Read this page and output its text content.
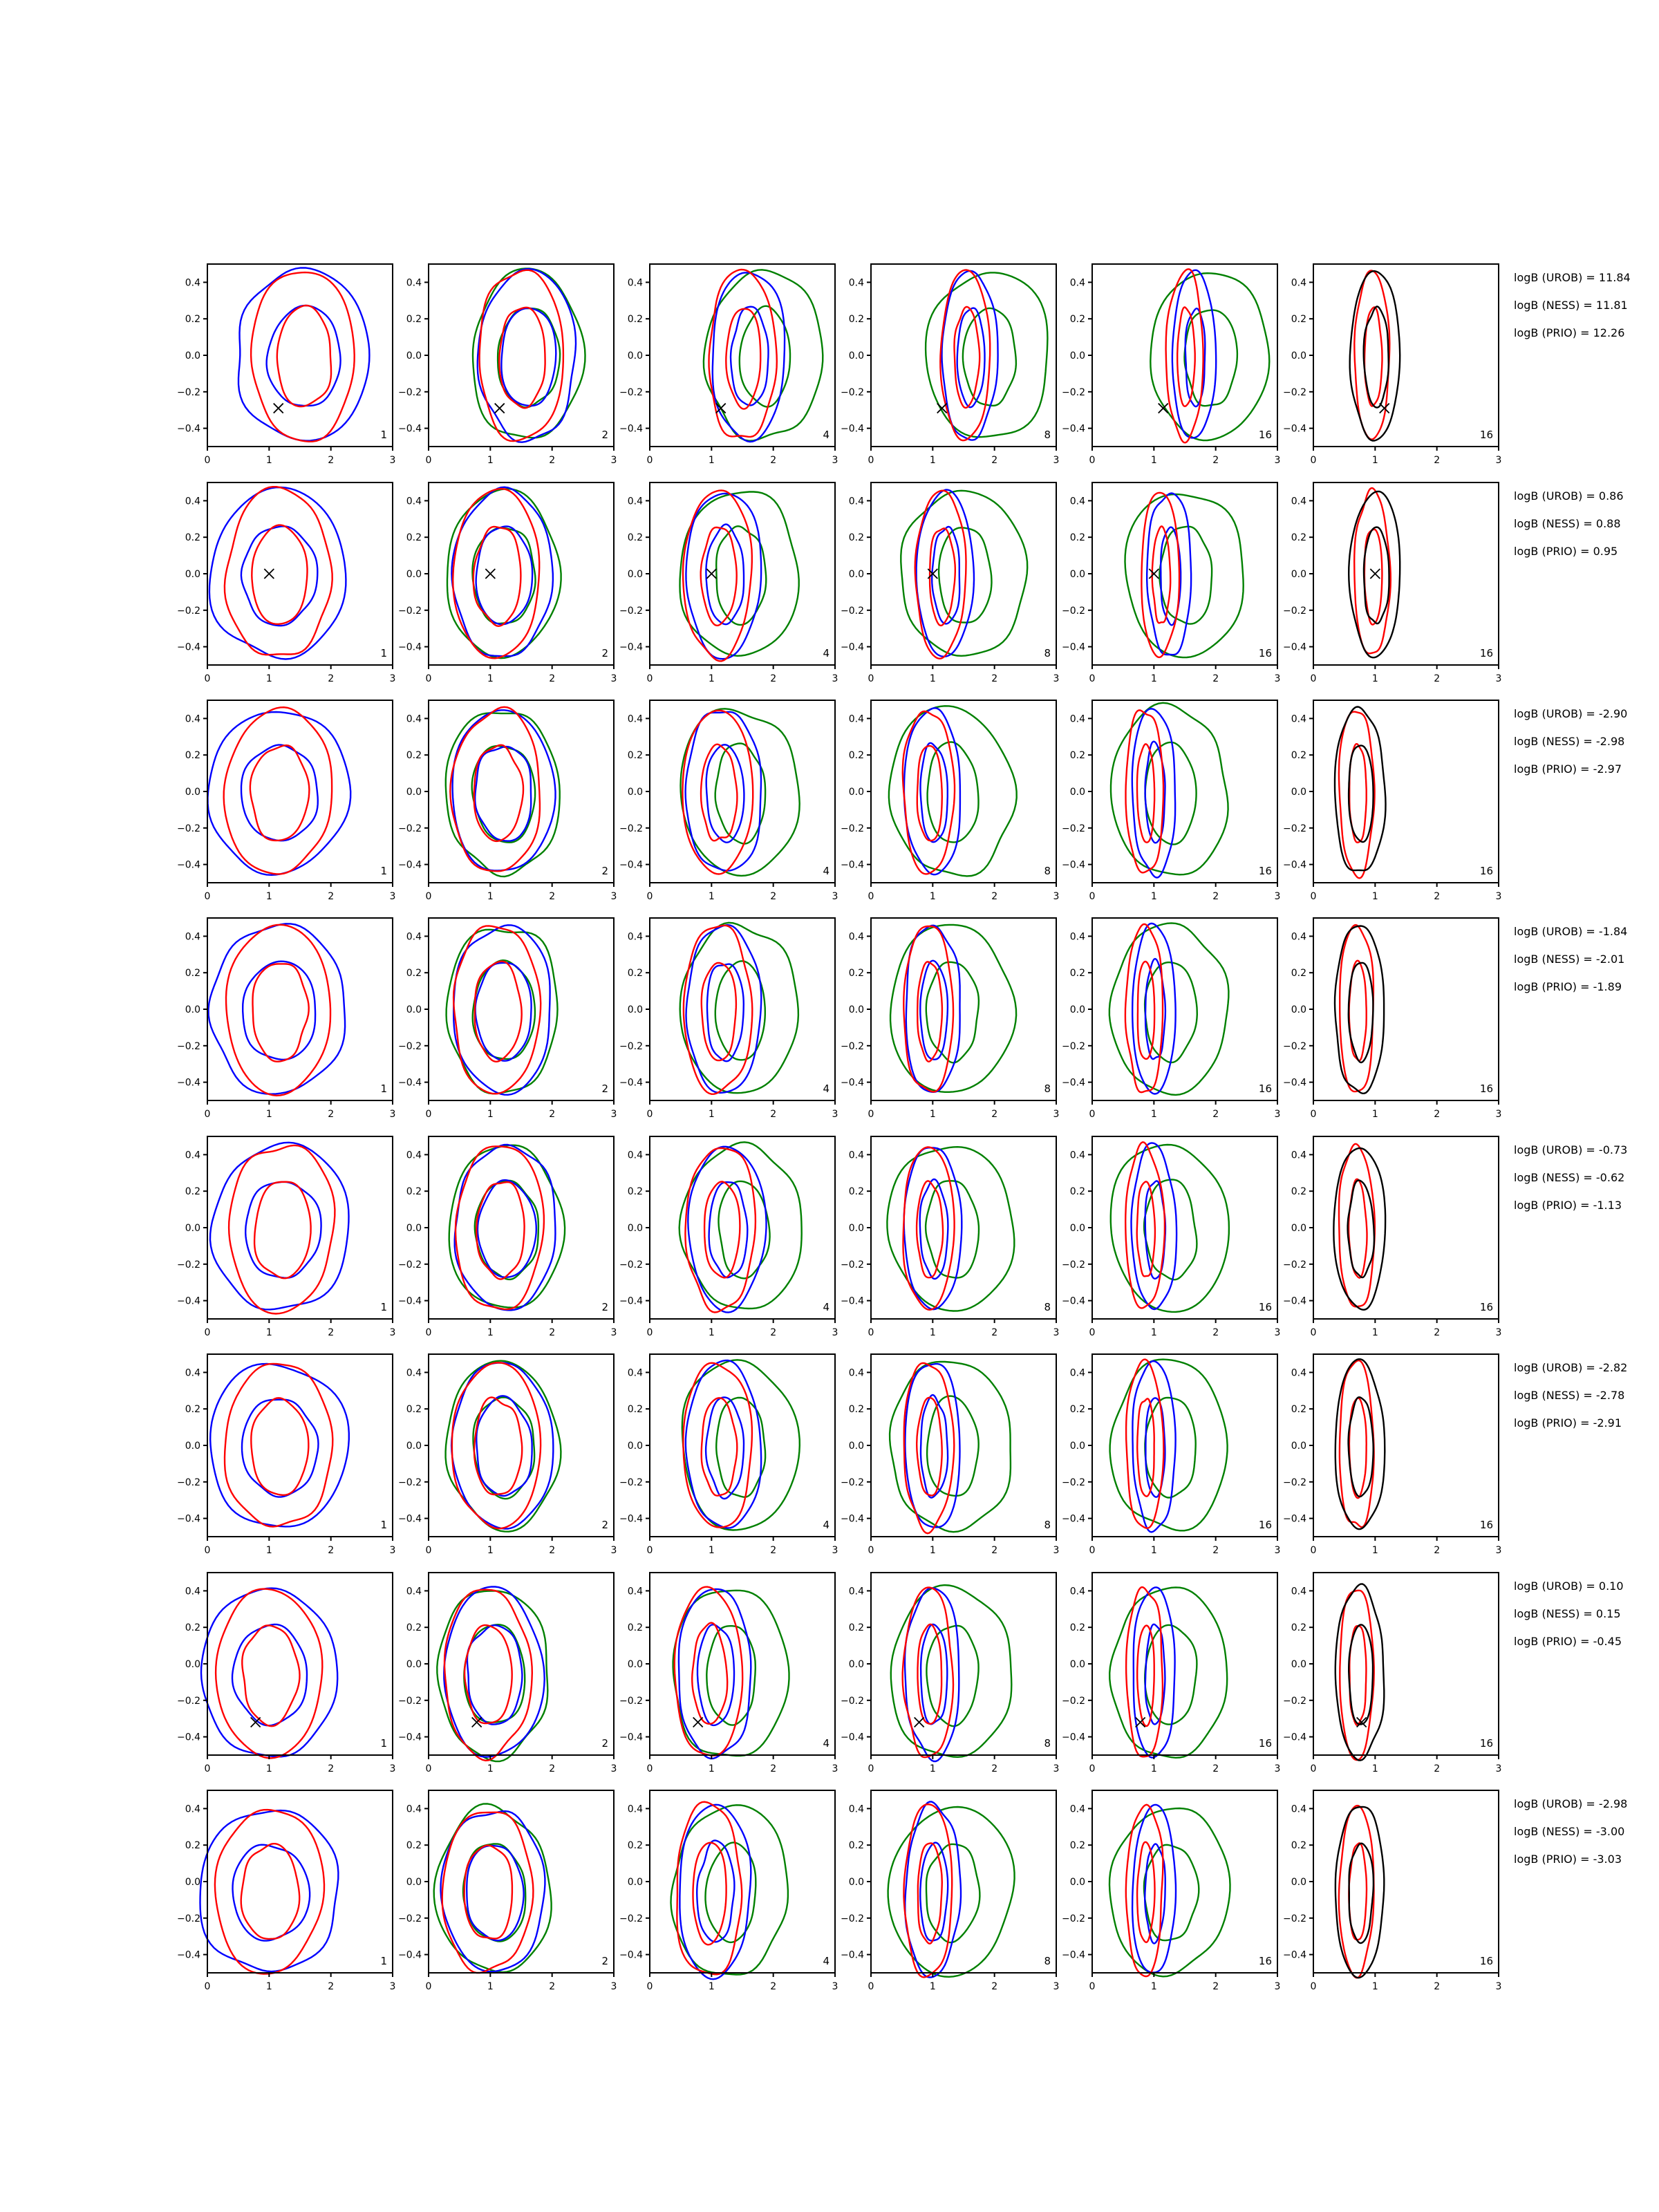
0	1	2	3
−0.4
−0.2
0.0
0.2
0.4
1
0	1	2	3
−0.4
−0.2
0.0
0.2
0.4
2
0	1	2	3
−0.4
−0.2
0.0
0.2
0.4
4
0	1	2	3
−0.4
−0.2
0.0
0.2
0.4
8
0	1	2	3
−0.4
−0.2
0.0
0.2
0.4
16
0	1	2	3
−0.4
−0.2
0.0
0.2
0.4
16
logB (UROB) = 11.84
logB (NESS) = 11.81
logB (PRIO) = 12.26
0	1	2	3
−0.4
−0.2
0.0
0.2
0.4
1
0	1	2	3
−0.4
−0.2
0.0
0.2
0.4
2
0	1	2	3
−0.4
−0.2
0.0
0.2
0.4
4
0	1	2	3
−0.4
−0.2
0.0
0.2
0.4
8
0	1	2	3
−0.4
−0.2
0.0
0.2
0.4
16
0	1	2	3
−0.4
−0.2
0.0
0.2
0.4
16
logB (UROB) = 0.86
logB (NESS) = 0.88
logB (PRIO) = 0.95
0	1	2	3
−0.4
−0.2
0.0
0.2
0.4
1
0	1	2	3
−0.4
−0.2
0.0
0.2
0.4
2
0	1	2	3
−0.4
−0.2
0.0
0.2
0.4
4
0	1	2	3
−0.4
−0.2
0.0
0.2
0.4
8
0	1	2	3
−0.4
−0.2
0.0
0.2
0.4
16
0	1	2	3
−0.4
−0.2
0.0
0.2
0.4
16
logB (UROB) = -2.90
logB (NESS) = -2.98
logB (PRIO) = -2.97
0	1	2	3
−0.4
−0.2
0.0
0.2
0.4
1
0	1	2	3
−0.4
−0.2
0.0
0.2
0.4
2
0	1	2	3
−0.4
−0.2
0.0
0.2
0.4
4
0	1	2	3
−0.4
−0.2
0.0
0.2
0.4
8
0	1	2	3
−0.4
−0.2
0.0
0.2
0.4
16
0	1	2	3
−0.4
−0.2
0.0
0.2
0.4
16
logB (UROB) = -1.84
logB (NESS) = -2.01
logB (PRIO) = -1.89
0	1	2	3
−0.4
−0.2
0.0
0.2
0.4
1
0	1	2	3
−0.4
−0.2
0.0
0.2
0.4
2
0	1	2	3
−0.4
−0.2
0.0
0.2
0.4
4
0	1	2	3
−0.4
−0.2
0.0
0.2
0.4
8
0	1	2	3
−0.4
−0.2
0.0
0.2
0.4
16
0	1	2	3
−0.4
−0.2
0.0
0.2
0.4
16
logB (UROB) = -0.73
logB (NESS) = -0.62
logB (PRIO) = -1.13
0	1	2	3
−0.4
−0.2
0.0
0.2
0.4
1
0	1	2	3
−0.4
−0.2
0.0
0.2
0.4
2
0	1	2	3
−0.4
−0.2
0.0
0.2
0.4
4
0	1	2	3
−0.4
−0.2
0.0
0.2
0.4
8
0	1	2	3
−0.4
−0.2
0.0
0.2
0.4
16
0	1	2	3
−0.4
−0.2
0.0
0.2
0.4
16
logB (UROB) = -2.82
logB (NESS) = -2.78
logB (PRIO) = -2.91
0	1	2	3
−0.4
−0.2
0.0
0.2
0.4
1
0	1	2	3
−0.4
−0.2
0.0
0.2
0.4
2
0	1	2	3
−0.4
−0.2
0.0
0.2
0.4
4
0	1	2	3
−0.4
−0.2
0.0
0.2
0.4
8
0	1	2	3
−0.4
−0.2
0.0
0.2
0.4
16
0	1	2	3
−0.4
−0.2
0.0
0.2
0.4
16
logB (UROB) = 0.10
logB (NESS) = 0.15
logB (PRIO) = -0.45
0	1	2	3
−0.4
−0.2
0.0
0.2
0.4
1
0	1	2	3
−0.4
−0.2
0.0
0.2
0.4
2
0	1	2	3
−0.4
−0.2
0.0
0.2
0.4
4
0	1	2	3
−0.4
−0.2
0.0
0.2
0.4
8
0	1	2	3
−0.4
−0.2
0.0
0.2
0.4
16
0	1	2	3
−0.4
−0.2
0.0
0.2
0.4
16
logB (UROB) = -2.98
logB (NESS) = -3.00
logB (PRIO) = -3.03
